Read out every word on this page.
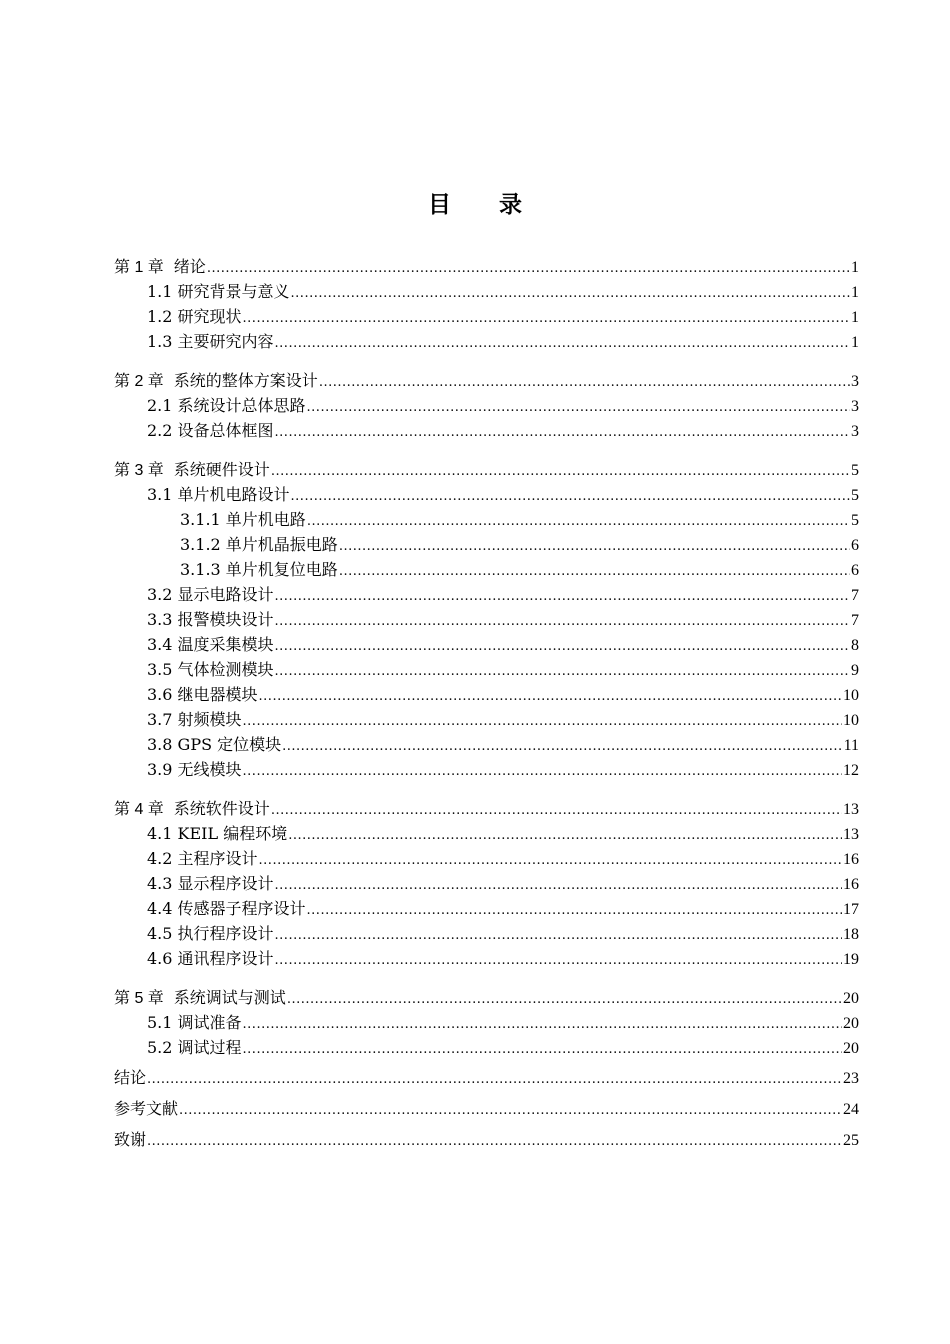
目 录
第 1 章 绪论 .....	1
1.1 研究背景与意义 .....	1
1.2 研究现状 .....	1
1.3 主要研究内容 .....	1
第 2 章 系统的整体方案设计 .....	3
2.1 系统设计总体思路 .....	3
2.2 设备总体框图 .....	3
第 3 章 系统硬件设计 .....	5
3.1 单片机电路设计 .....	5
3.1.1 单片机电路 .....	5
3.1.2 单片机晶振电路 .....	6
3.1.3 单片机复位电路 .....	6
3.2 显示电路设计 .....	7
3.3 报警模块设计 .....	7
3.4 温度采集模块 .....	8
3.5 气体检测模块 .....	9
3.6 继电器模块 .....	10
3.7 射频模块 .....	10
3.8 GPS 定位模块 .....	11
3.9 无线模块 .....	12
第 4 章 系统软件设计 .....	13
4.1 KEIL 编程环境 .....	13
4.2 主程序设计 .....	16
4.3 显示程序设计 .....	16
4.4 传感器子程序设计 .....	17
4.5 执行程序设计 .....	18
4.6 通讯程序设计 .....	19
第 5 章 系统调试与测试 .....	20
5.1 调试准备 .....	20
5.2 调试过程 .....	20
结论 .....	23
参考文献 .....	24
致谢 .....	25
